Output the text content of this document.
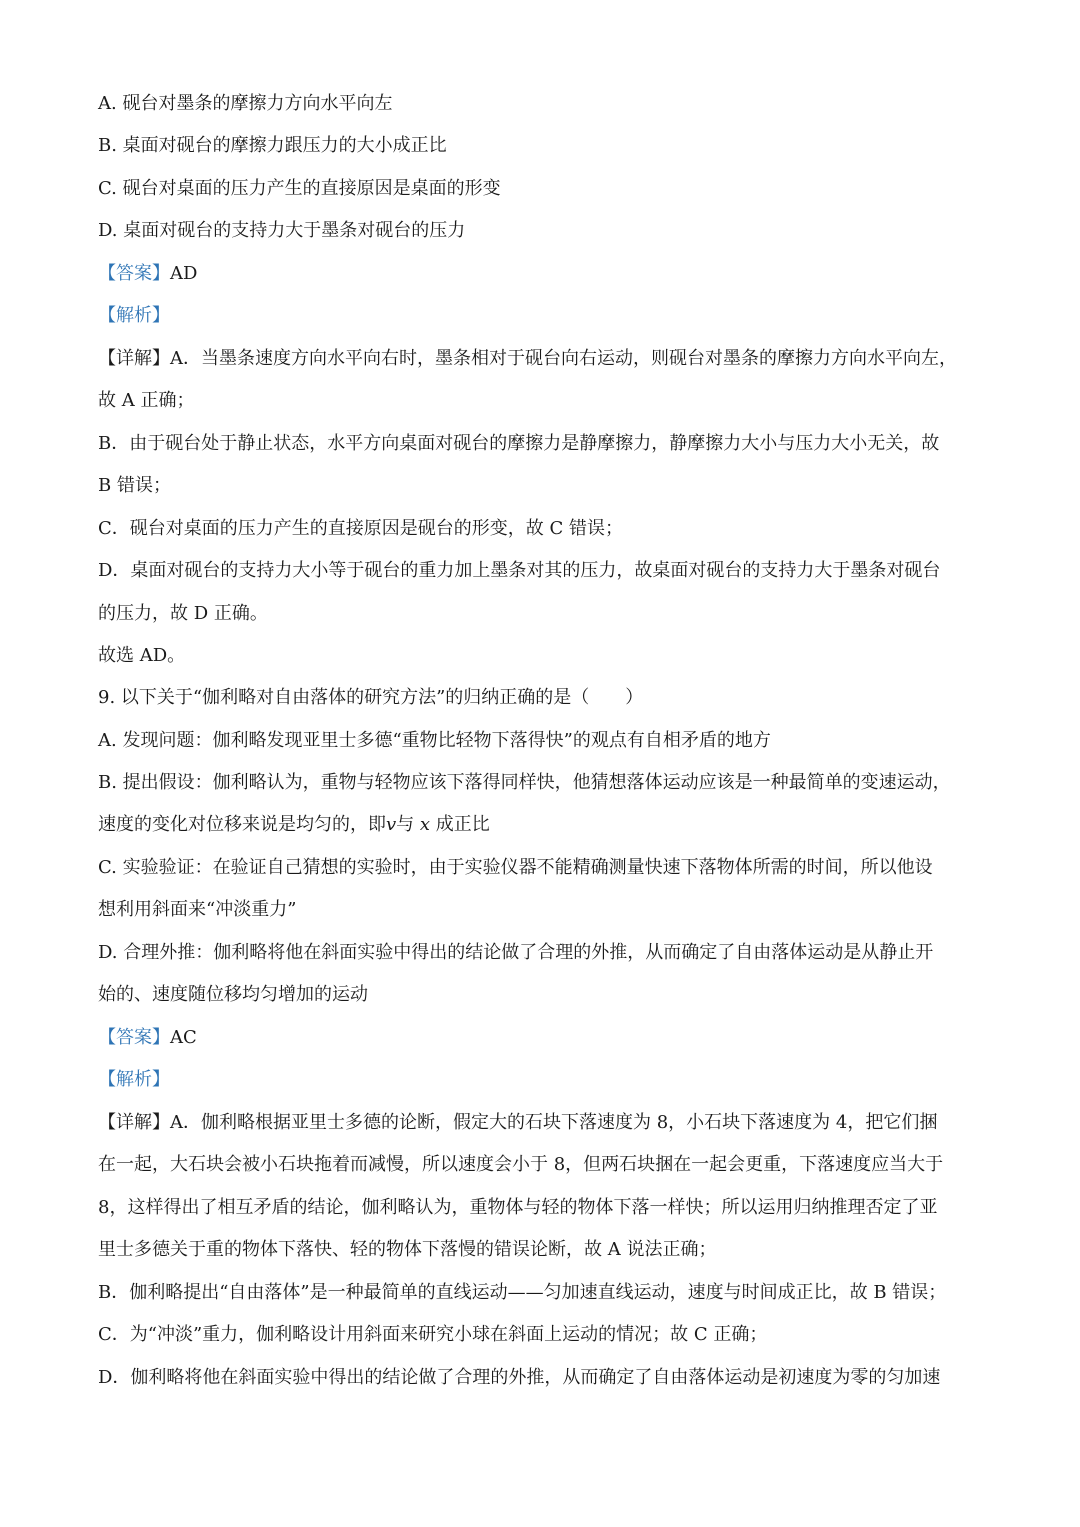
A. 砚台对墨条的摩擦力方向水平向左
B. 桌面对砚台的摩擦力跟压力的大小成正比
C. 砚台对桌面的压力产生的直接原因是桌面的形变
D. 桌面对砚台的支持力大于墨条对砚台的压力
【答案】AD
【解析】
【详解】A．当墨条速度方向水平向右时，墨条相对于砚台向右运动，则砚台对墨条的摩擦力方向水平向左，
故 A 正确；
B．由于砚台处于静止状态，水平方向桌面对砚台的摩擦力是静摩擦力，静摩擦力大小与压力大小无关，故
B 错误；
C．砚台对桌面的压力产生的直接原因是砚台的形变，故 C 错误；
D．桌面对砚台的支持力大小等于砚台的重力加上墨条对其的压力，故桌面对砚台的支持力大于墨条对砚台
的压力，故 D 正确。
故选 AD。
9. 以下关于“伽利略对自由落体的研究方法”的归纳正确的是（　　）
A. 发现问题：伽利略发现亚里士多德“重物比轻物下落得快”的观点有自相矛盾的地方
B. 提出假设：伽利略认为，重物与轻物应该下落得同样快，他猜想落体运动应该是一种最简单的变速运动，
速度的变化对位移来说是均匀的，即v与 x 成正比
C. 实验验证：在验证自己猜想的实验时，由于实验仪器不能精确测量快速下落物体所需的时间，所以他设
想利用斜面来“冲淡重力”
D. 合理外推：伽利略将他在斜面实验中得出的结论做了合理的外推，从而确定了自由落体运动是从静止开
始的、速度随位移均匀增加的运动
【答案】AC
【解析】
【详解】A．伽利略根据亚里士多德的论断，假定大的石块下落速度为 8，小石块下落速度为 4，把它们捆
在一起，大石块会被小石块拖着而减慢，所以速度会小于 8，但两石块捆在一起会更重，下落速度应当大于
8，这样得出了相互矛盾的结论，伽利略认为，重物体与轻的物体下落一样快；所以运用归纳推理否定了亚
里士多德关于重的物体下落快、轻的物体下落慢的错误论断，故 A 说法正确；
B．伽利略提出“自由落体”是一种最简单的直线运动——匀加速直线运动，速度与时间成正比，故 B 错误；
C．为“冲淡”重力，伽利略设计用斜面来研究小球在斜面上运动的情况；故 C 正确；
D．伽利略将他在斜面实验中得出的结论做了合理的外推，从而确定了自由落体运动是初速度为零的匀加速
